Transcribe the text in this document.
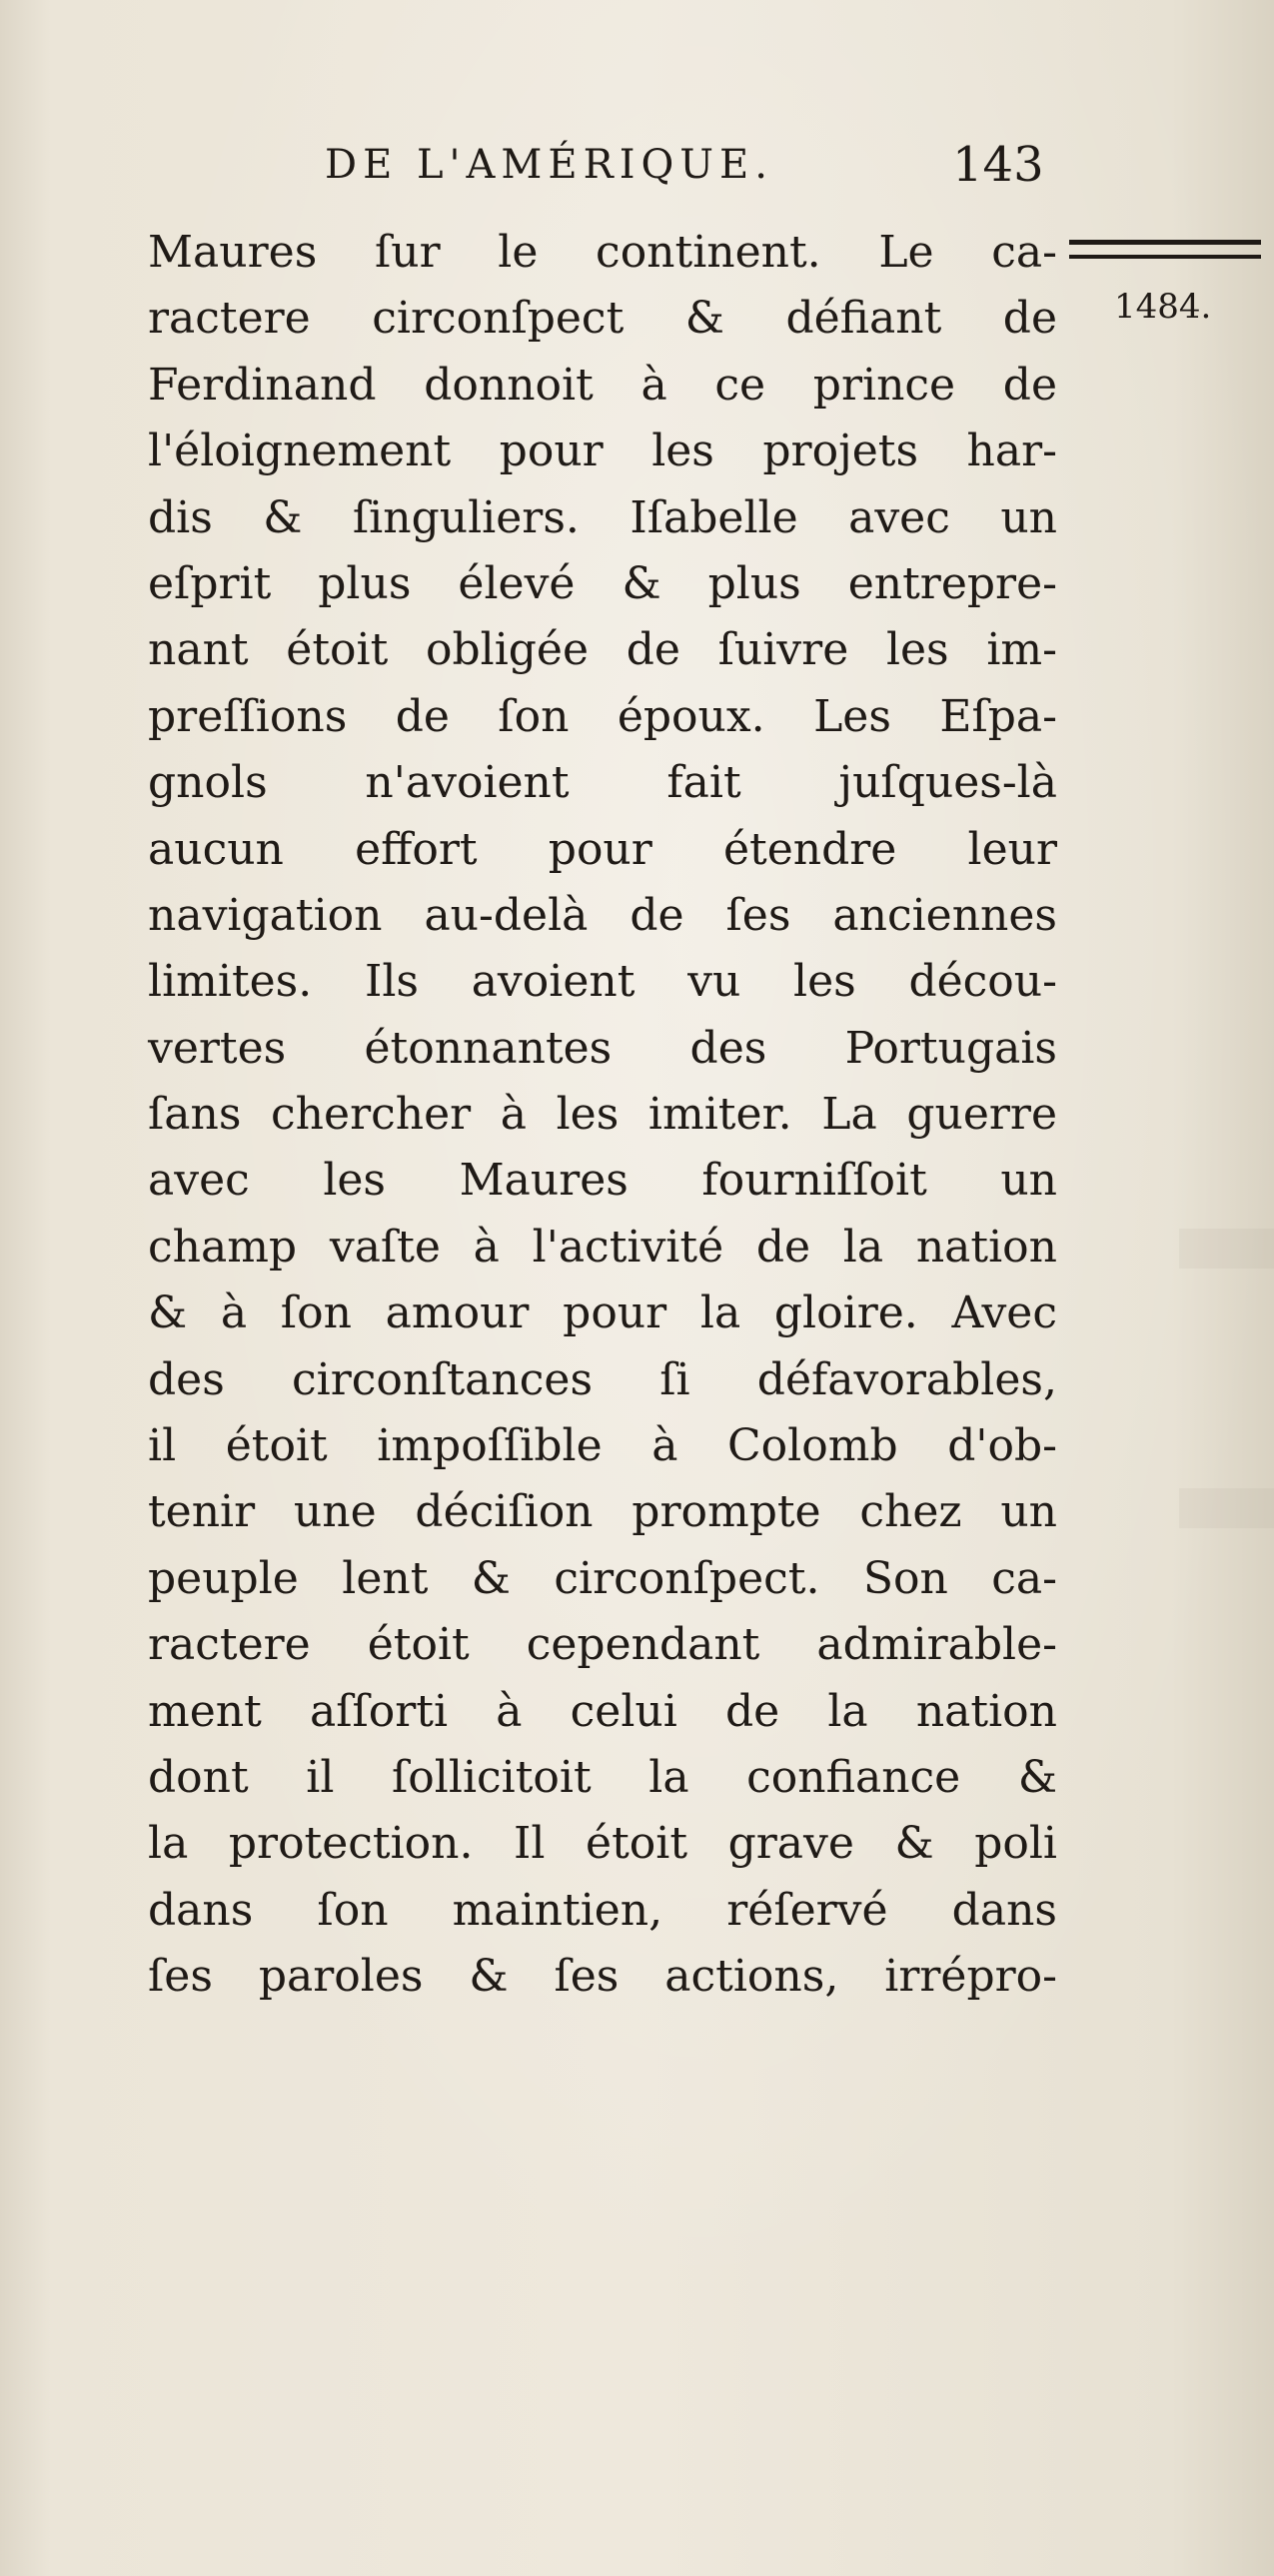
DE L'AMÉRIQUE.	143
1484.
Maures ſur le continent. Le ca-
ractere circonſpect & défiant de
Ferdinand donnoit à ce prince de
l'éloignement pour les projets har-
dis & ſinguliers. Iſabelle avec un
eſprit plus élevé & plus entrepre-
nant étoit obligée de ſuivre les im-
preſſions de ſon époux. Les Eſpa-
gnols n'avoient fait juſques-là
aucun effort pour étendre leur
navigation au-delà de ſes anciennes
limites. Ils avoient vu les décou-
vertes étonnantes des Portugais
ſans chercher à les imiter. La guerre
avec les Maures fourniſſoit un
champ vaſte à l'activité de la nation
& à ſon amour pour la gloire. Avec
des circonſtances ſi défavorables,
il étoit impoſſible à Colomb d'ob-
tenir une déciſion prompte chez un
peuple lent & circonſpect. Son ca-
ractere étoit cependant admirable-
ment aſſorti à celui de la nation
dont il ſollicitoit la confiance &
la protection. Il étoit grave & poli
dans ſon maintien, réſervé dans
ſes paroles & ſes actions, irrépro-
